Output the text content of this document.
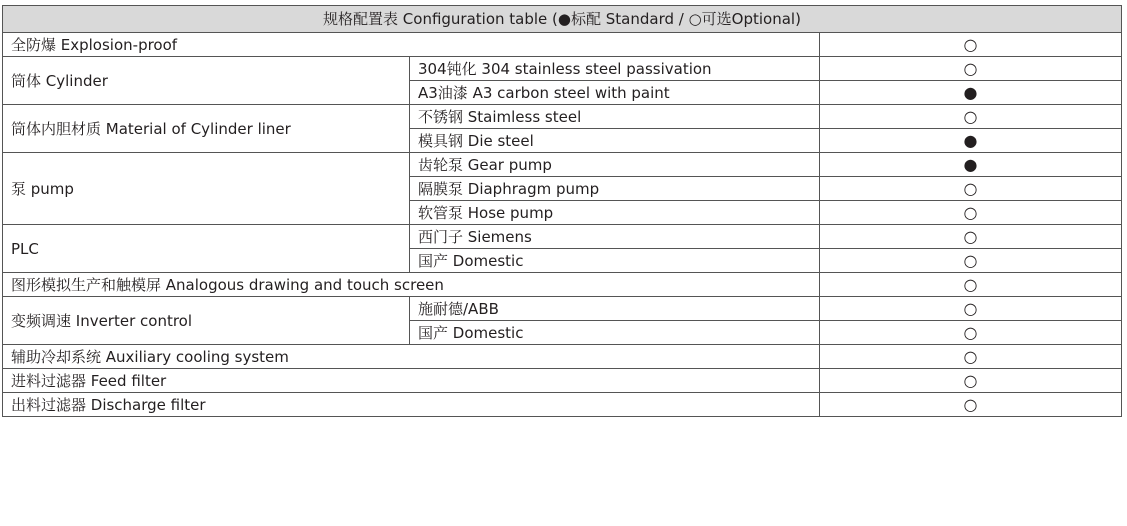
规格配置表 Configuration table (●标配 Standard / ○可选Optional)		
全防爆 Explosion-proof		○
筒体 Cylinder	304钝化 304 stainless steel passivation	○
	A3油漆 A3 carbon steel with paint	●
筒体内胆材质 Material of Cylinder liner	不锈钢 Staimless steel	○
	模具钢 Die steel	●
泵 pump	齿轮泵 Gear pump	●
	隔膜泵 Diaphragm pump	○
	软管泵 Hose pump	○
PLC	西门子 Siemens	○
	国产 Domestic	○
图形模拟生产和触模屏 Analogous drawing and touch screen		○
变频调速 Inverter control	施耐德/ABB	○
	国产 Domestic	○
辅助冷却系统 Auxiliary cooling system		○
进料过滤器 Feed filter		○
出料过滤器 Discharge filter		○
